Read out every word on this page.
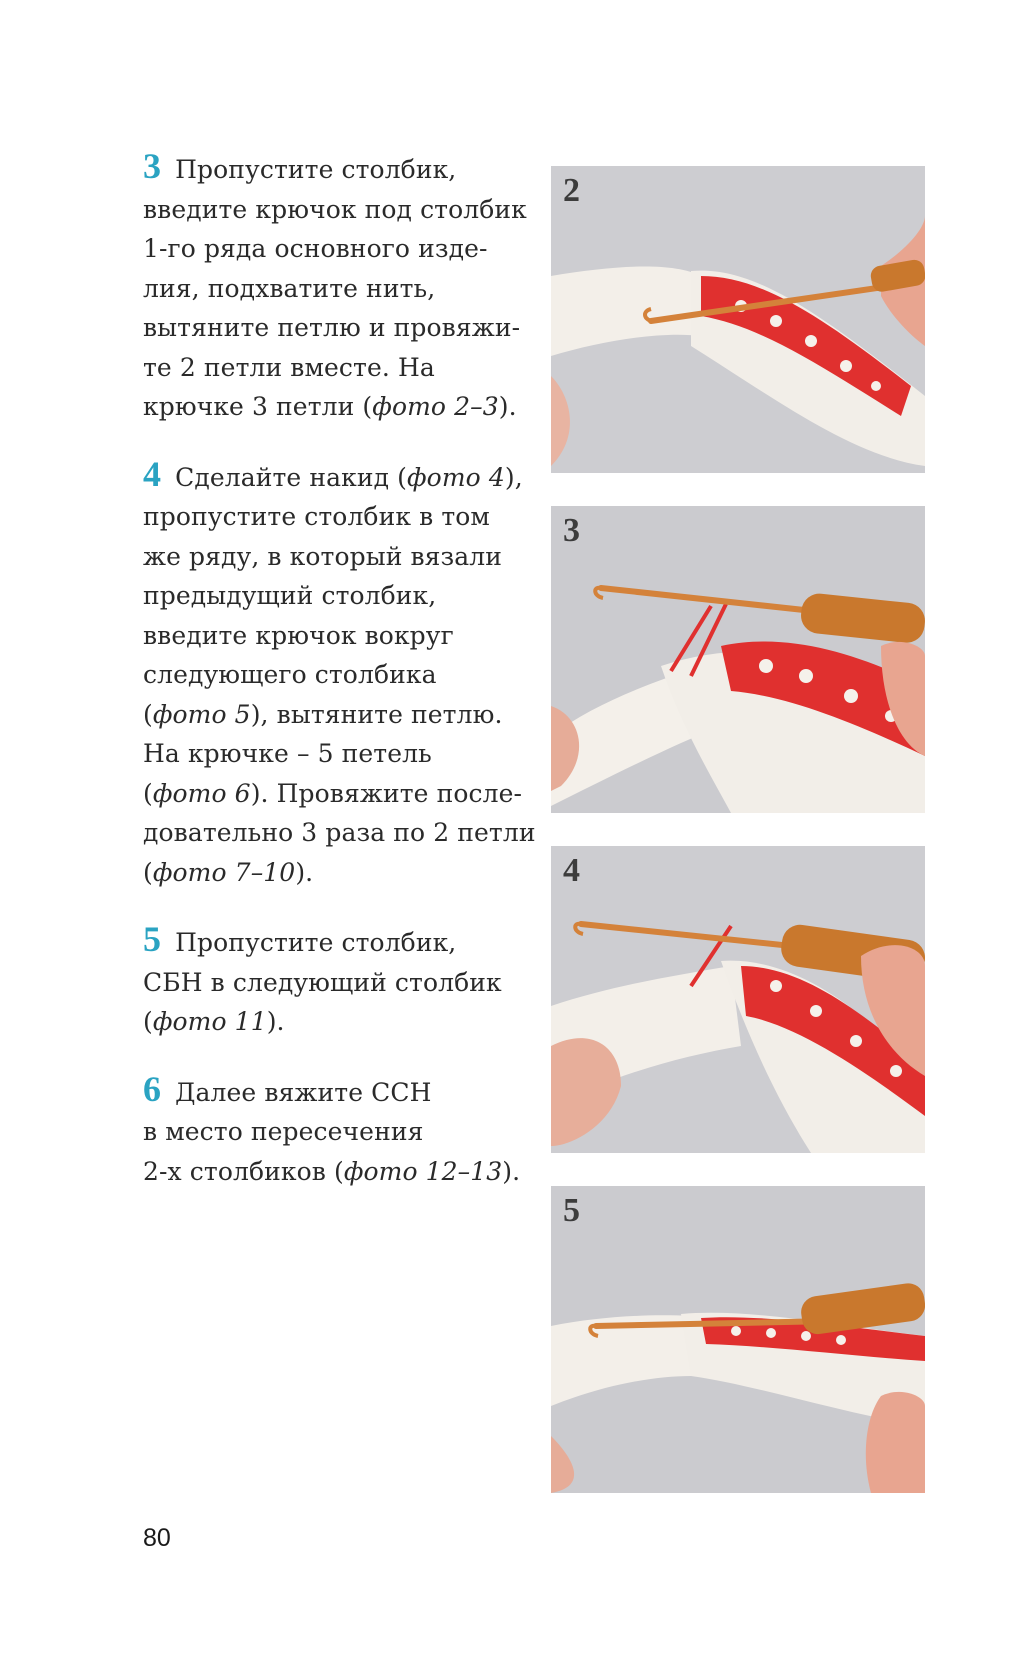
3 Пропустите столбик,
введите крючок под столбик
1-го ряда основного изде-
лия, подхватите нить,
вытяните петлю и провяжи-
те 2 петли вместе. На
крючке 3 петли (фото 2–3).
4 Сделайте накид (фото 4),
пропустите столбик в том
же ряду, в который вязали
предыдущий столбик,
введите крючок вокруг
следующего столбика
(фото 5), вытяните петлю.
На крючке – 5 петель
(фото 6). Провяжите после-
довательно 3 раза по 2 петли
(фото 7–10).
5 Пропустите столбик,
СБН в следующий столбик
(фото 11).
6 Далее вяжите ССН
в место пересечения
2-х столбиков (фото 12–13).
2
3
4
5
80
